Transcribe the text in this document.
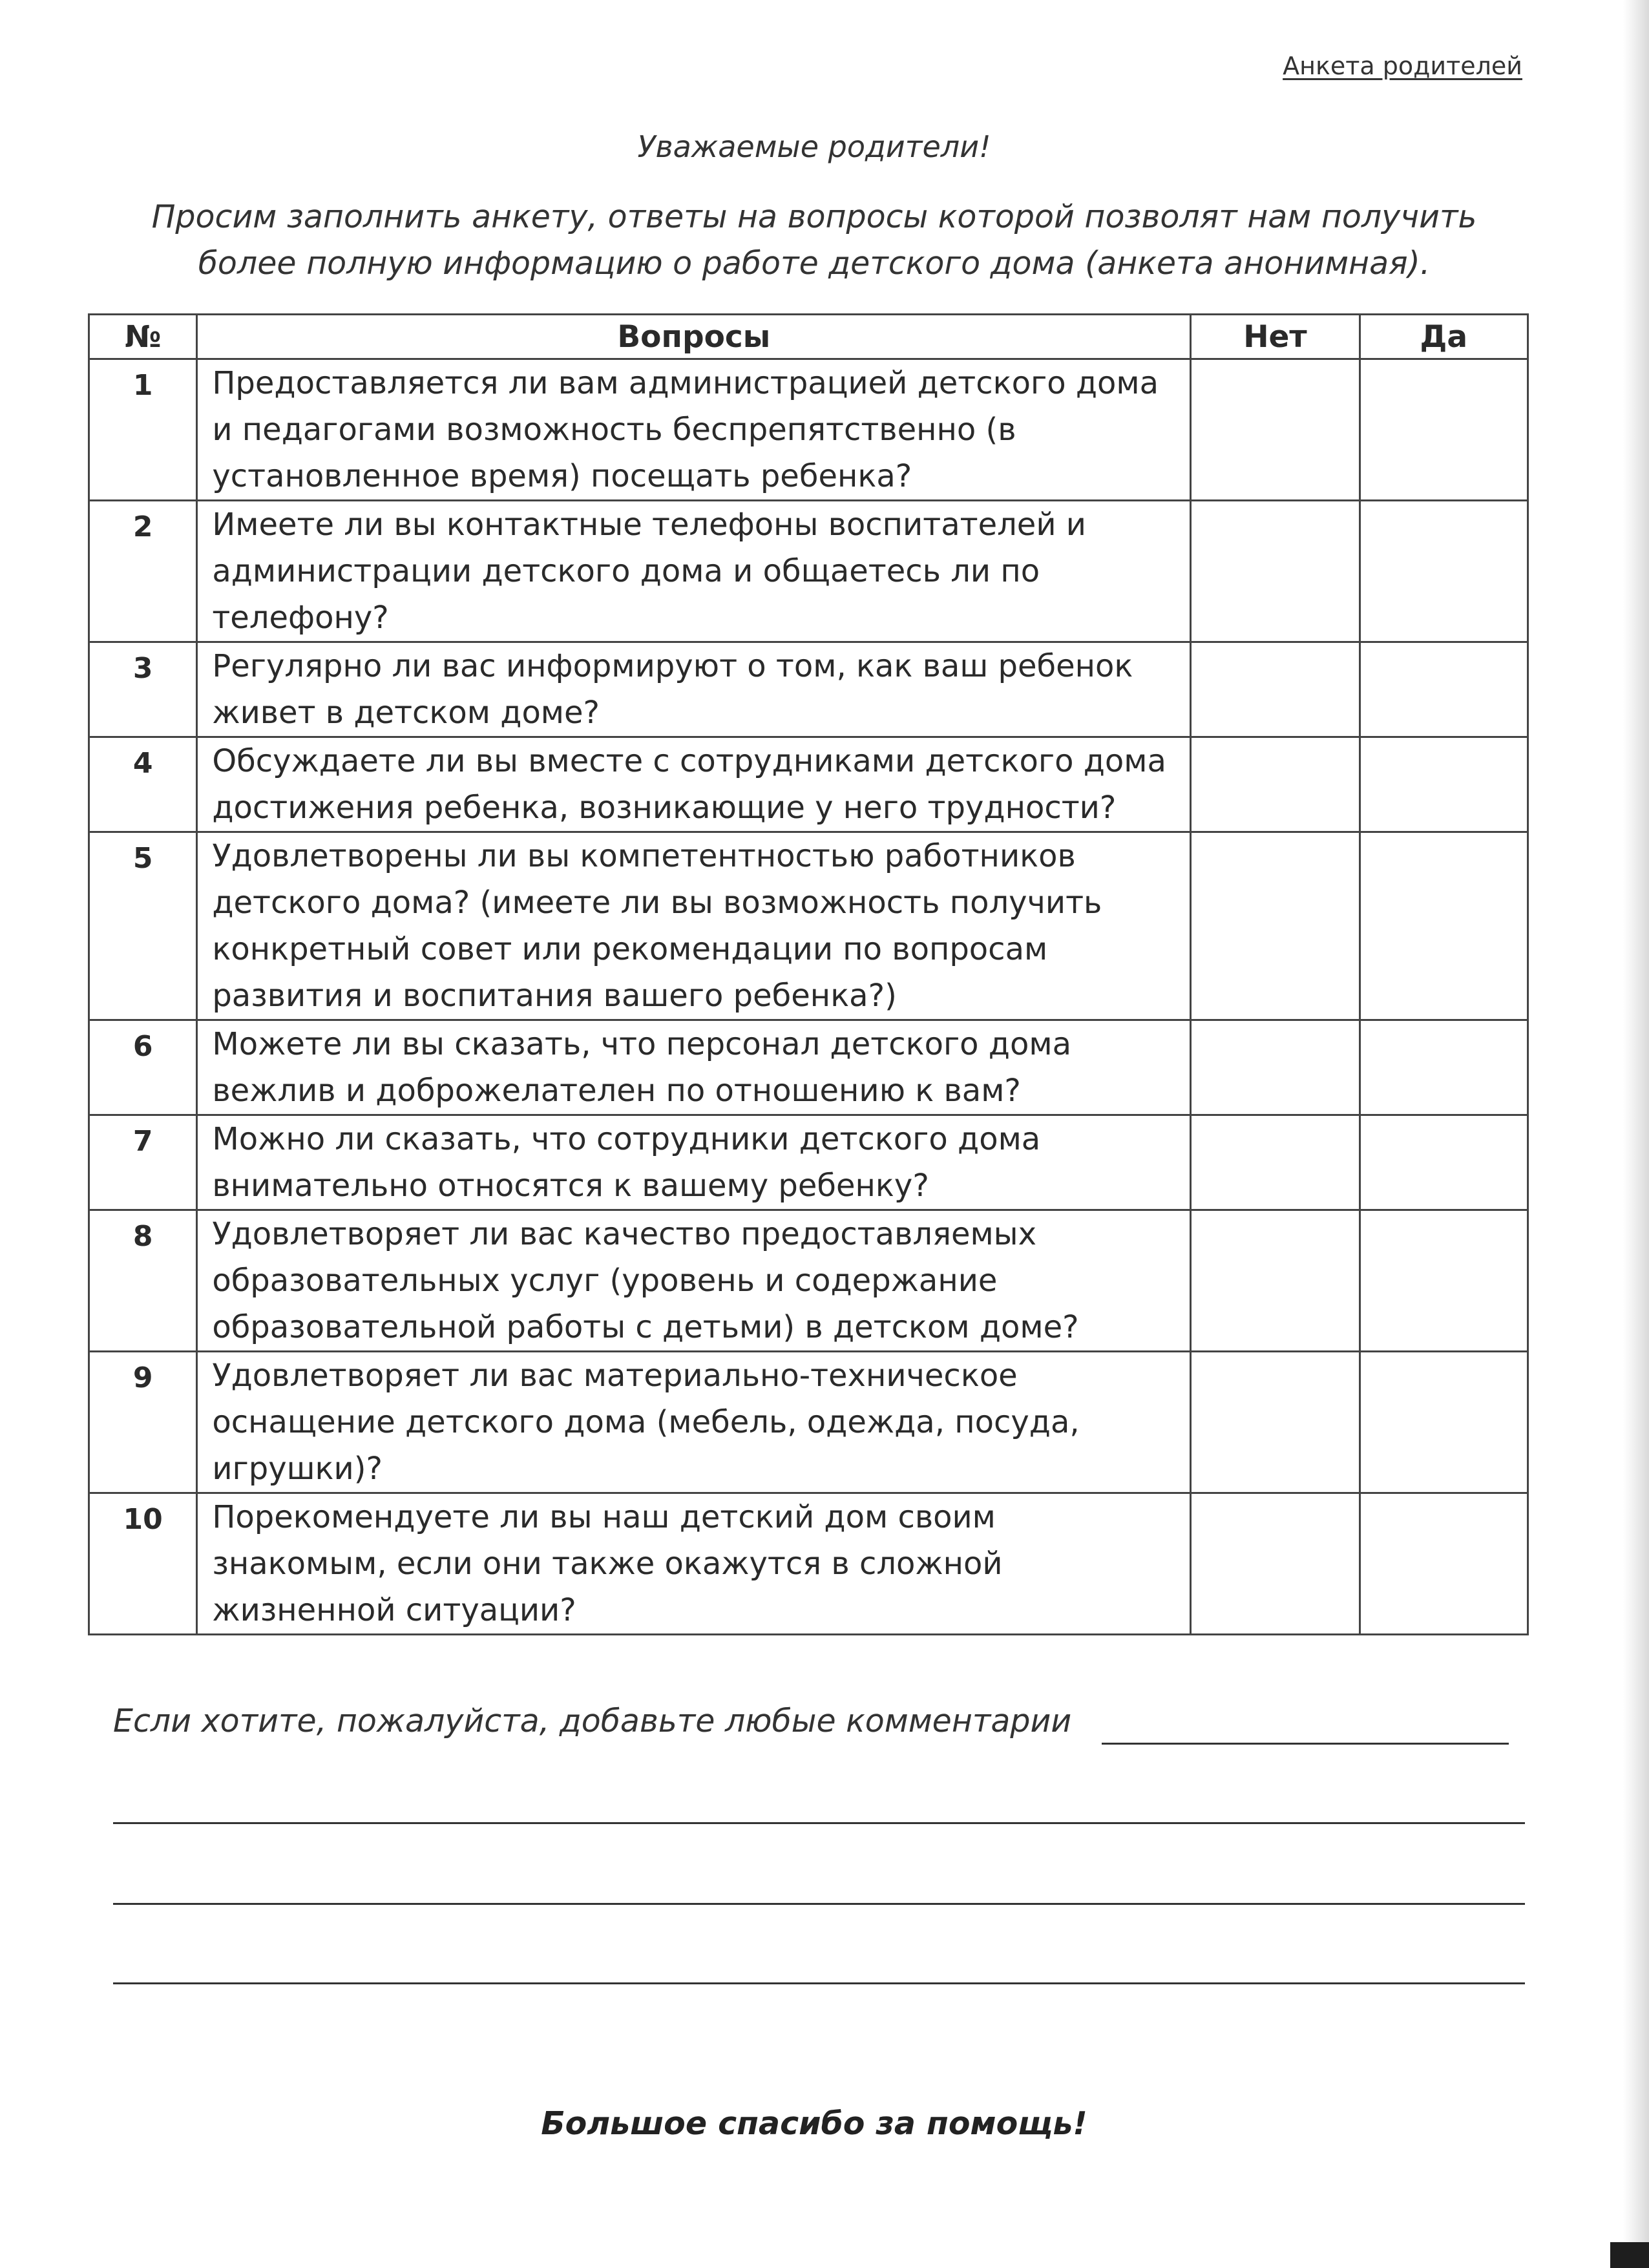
Анкета родителей
Уважаемые родители!
Просим заполнить анкету, ответы на вопросы которой позволят нам получить более полную информацию о работе детского дома (анкета анонимная).
№	Вопросы	Нет	Да
1	Предоставляется ли вам администрацией детского дома и педагогами возможность беспрепятственно (в установленное время) посещать ребенка?		
2	Имеете ли вы контактные телефоны воспитателей и администрации детского дома и общаетесь ли по телефону?		
3	Регулярно ли вас информируют о том, как ваш ребенок живет в детском доме?		
4	Обсуждаете ли вы вместе с сотрудниками детского дома достижения ребенка, возникающие у него трудности?		
5	Удовлетворены ли вы компетентностью работников детского дома? (имеете ли вы возможность получить конкретный совет или рекомендации по вопросам развития и воспитания вашего ребенка?)		
6	Можете ли вы сказать, что персонал детского дома вежлив и доброжелателен по отношению к вам?		
7	Можно ли сказать, что сотрудники детского дома внимательно относятся к вашему ребенку?		
8	Удовлетворяет ли вас качество предоставляемых образовательных услуг (уровень и содержание образовательной работы с детьми) в детском доме?		
9	Удовлетворяет ли вас материально-техническое оснащение детского дома (мебель, одежда, посуда, игрушки)?		
10	Порекомендуете ли вы наш детский дом своим знакомым, если они также окажутся в сложной жизненной ситуации?		
Если хотите, пожалуйста, добавьте любые комментарии
Большое спасибо за помощь!
